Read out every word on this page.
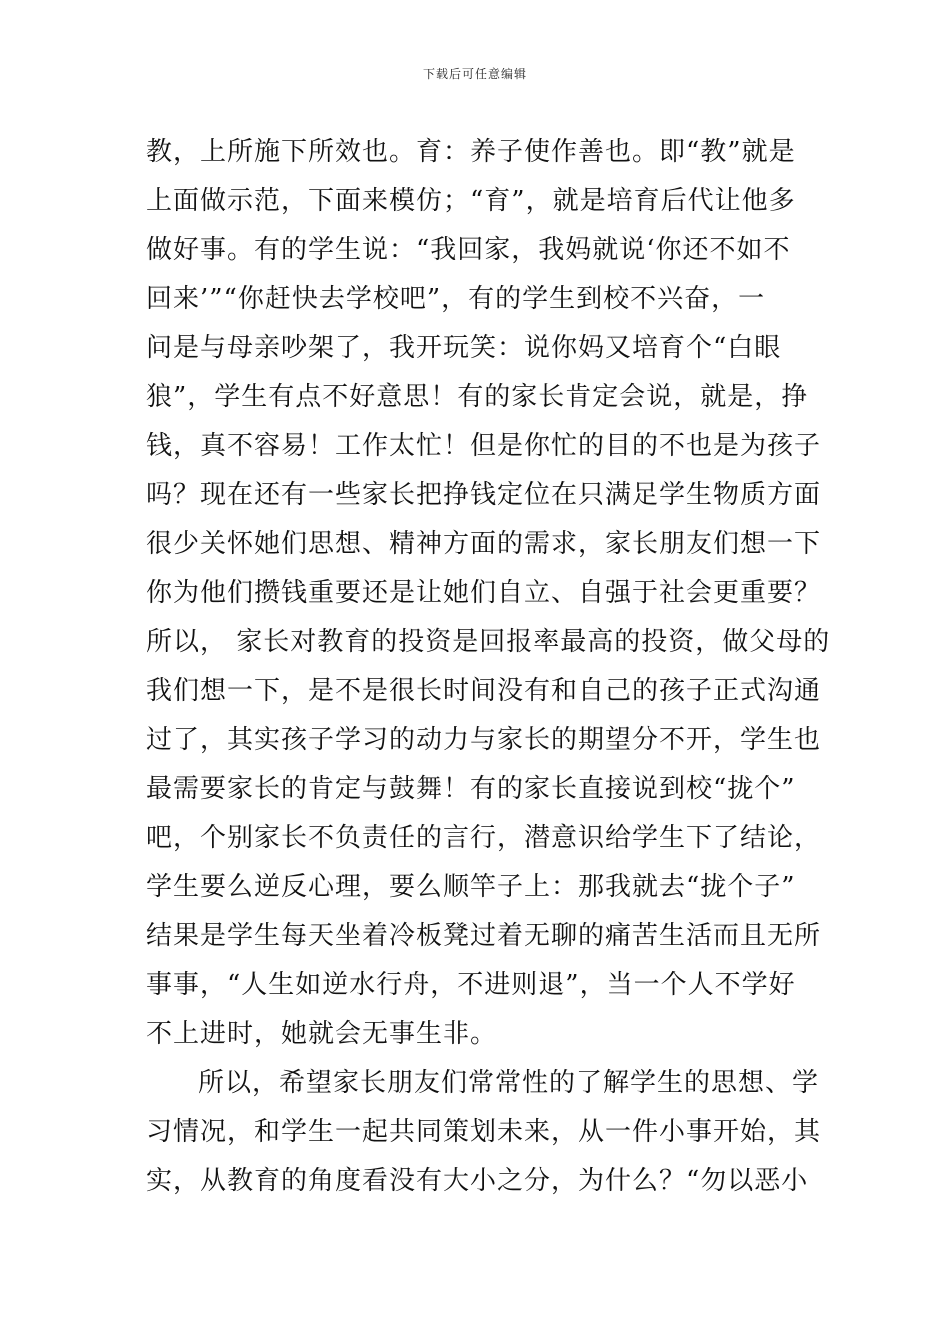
下载后可任意编辑
教，上所施下所效也。育：养子使作善也。即“教”就是
上面做示范，下面来模仿；“育”，就是培育后代让他多
做好事。有的学生说：“我回家，我妈就说‘你还不如不
回来’”“你赶快去学校吧”，有的学生到校不兴奋，一
问是与母亲吵架了，我开玩笑：说你妈又培育个“白眼
狼”，学生有点不好意思！有的家长肯定会说，就是，挣
钱，真不容易！工作太忙！但是你忙的目的不也是为孩子
吗？现在还有一些家长把挣钱定位在只满足学生物质方面
很少关怀她们思想、精神方面的需求，家长朋友们想一下
你为他们攒钱重要还是让她们自立、自强于社会更重要？
所以， 家长对教育的投资是回报率最高的投资，做父母的
我们想一下，是不是很长时间没有和自己的孩子正式沟通
过了，其实孩子学习的动力与家长的期望分不开，学生也
最需要家长的肯定与鼓舞！有的家长直接说到校“拢个”
吧，个别家长不负责任的言行，潜意识给学生下了结论，
学生要么逆反心理，要么顺竿子上：那我就去“拢个子”
结果是学生每天坐着冷板凳过着无聊的痛苦生活而且无所
事事，“人生如逆水行舟，不进则退”，当一个人不学好
不上进时，她就会无事生非。
所以，希望家长朋友们常常性的了解学生的思想、学
习情况，和学生一起共同策划未来，从一件小事开始，其
实，从教育的角度看没有大小之分，为什么？“勿以恶小
